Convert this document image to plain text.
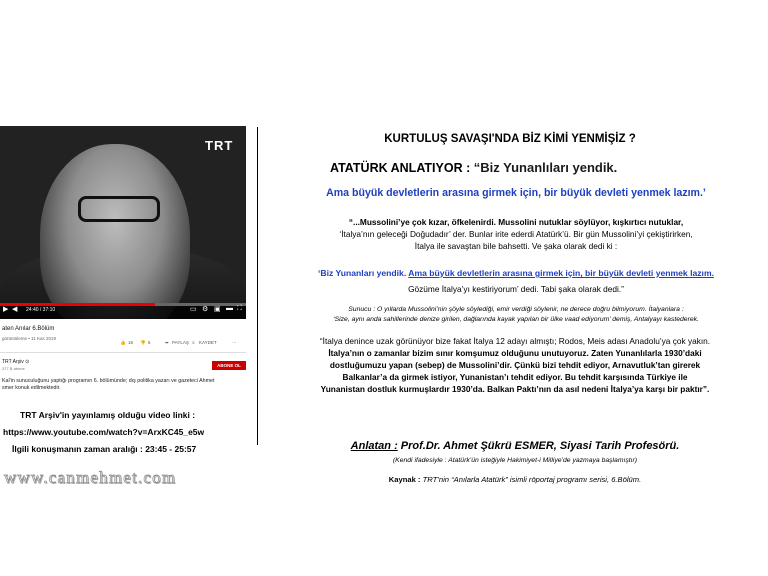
TRT
▶ ◀ 24:40 / 37:10	▭ ⚙ ▣ ▬ ⛶
aten Anılar 6.Bölüm
görüntüleme • 11 Kas 2019
👍 16 👎 6	➦ PAYLAŞ ≡ KAYDET	⋯
TRT Arşiv ⊙
377 B abone
ABONE OL
Kal'in sunuculuğunu yaptığı programın 6. bölümünde; dış politika yazarı ve gazeteci Ahmet
smer konuk edilmektedir.
TRT Arşiv'in yayınlamış olduğu video linki :
https://www.youtube.com/watch?v=ArxKC45_e5w
İlgili konuşmanın zaman aralığı : 23:45 - 25:57
www.canmehmet.com
KURTULUŞ SAVAŞI'NDA BİZ KİMİ YENMİŞİZ ?
ATATÜRK ANLATIYOR : “Biz Yunanlıları yendik.
Ama büyük devletlerin arasına girmek için, bir büyük devleti yenmek lazım.’
“...Mussolini’ye çok kızar, öfkelenirdi. Mussolini nutuklar söylüyor, kışkırtıcı nutuklar,
‘İtalya’nın geleceği Doğudadır’ der. Bunlar irite ederdi Atatürk’ü. Bir gün Mussolini’yi çekiştirirken,
İtalya ile savaştan bile bahsetti. Ve şaka olarak dedi ki :
‘Biz Yunanları yendik. Ama büyük devletlerin arasına girmek için, bir büyük devleti yenmek lazım.
Gözüme İtalya’yı kestiriyorum’ dedi. Tabi şaka olarak dedi.”
Sunucu : O yıllarda Mussolini’nin şöyle söylediği, emir verdiği söylenir, ne derece doğru bilmiyorum. İtalyanlara :
‘Size, aynı anda sahillerinde denize girilen, dağlarında kayak yapılan bir ülke vaad ediyorum’ demiş, Antalyayı kastederek.
“İtalya denince uzak görünüyor bize fakat İtalya 12 adayı almıştı; Rodos, Meis adası Anadolu’ya çok yakın.
İtalya’nın o zamanlar bizim sınır komşumuz olduğunu unutuyoruz. Zaten Yunanlılarla 1930’daki
dostluğumuzu yapan (sebep) de Mussolini’dir. Çünkü bizi tehdit ediyor, Arnavutluk’tan girerek
Balkanlar’a da girmek istiyor, Yunanistan’ı tehdit ediyor. Bu tehdit karşısında Türkiye ile
Yunanistan dostluk kurmuşlardır 1930’da. Balkan Paktı’nın da asıl nedeni İtalya’ya karşı bir paktır”.
Anlatan : Prof.Dr. Ahmet Şükrü ESMER, Siyasi Tarih Profesörü.
(Kendi ifadesiyle : Atatürk’ün isteğiyle Hakimiyet-i Milliye’de yazmaya başlamıştır)
Kaynak : TRT’nin “Anılarla Atatürk” isimli röportaj programı serisi, 6.Bölüm.
